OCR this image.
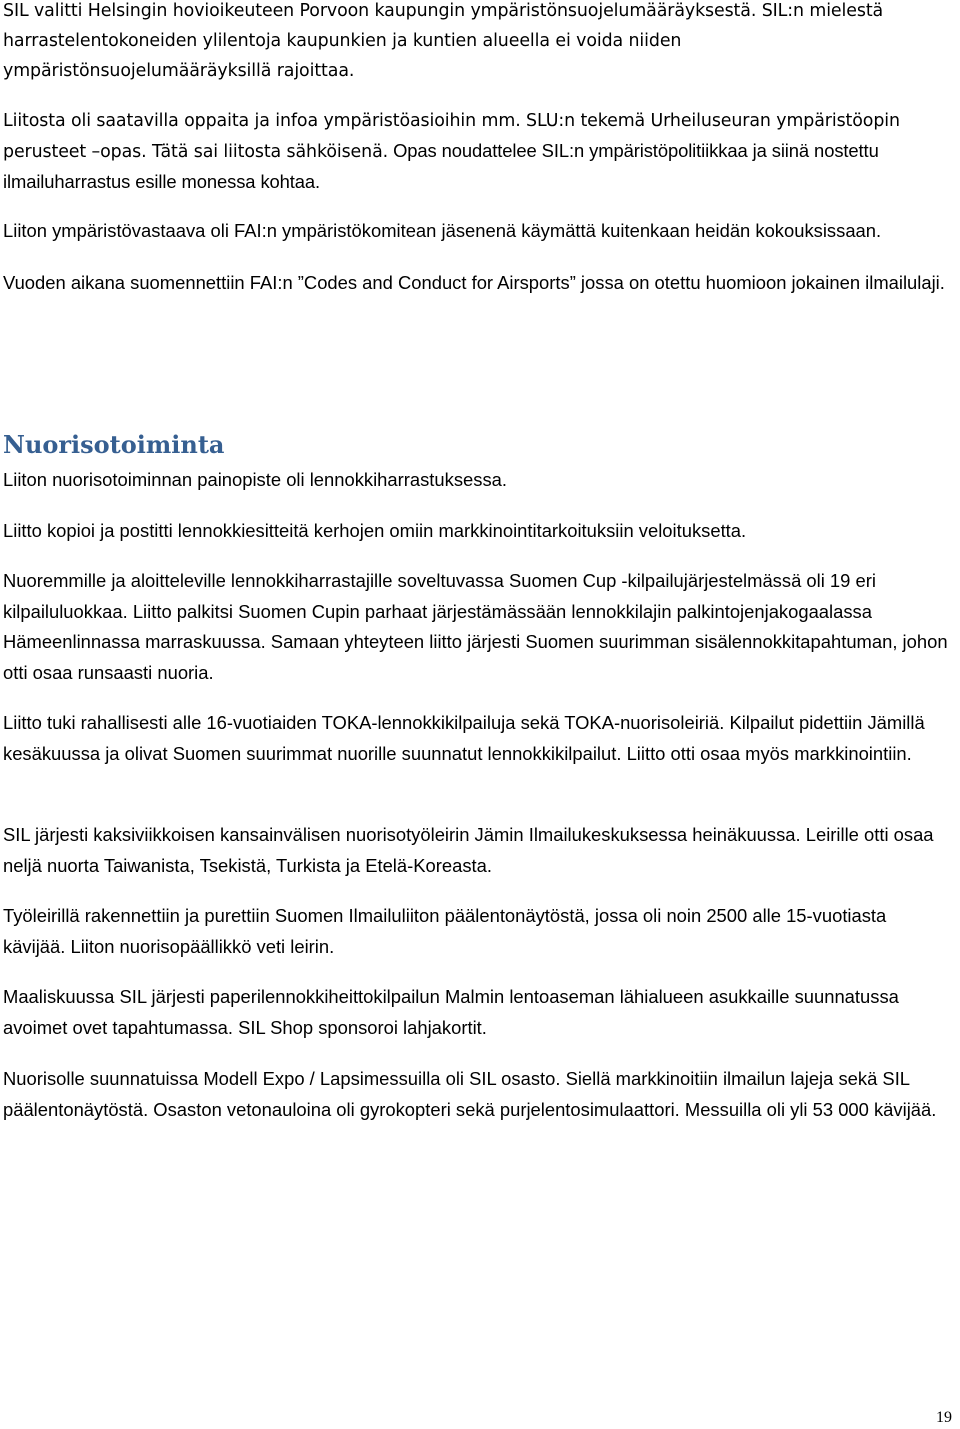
SIL valitti Helsingin hovioikeuteen Porvoon kaupungin ympäristönsuojelumääräyksestä. SIL:n mielestä harrastelentokoneiden ylilentoja kaupunkien ja kuntien alueella ei voida niiden ympäristönsuojelumääräyksillä rajoittaa.

Liitosta oli saatavilla oppaita ja infoa ympäristöasioihin mm. SLU:n tekemä Urheiluseuran ympäristöopin perusteet –opas. Tätä sai liitosta sähköisenä. Opas noudattelee SIL:n ympäristöpolitiikkaa ja siinä nostettu ilmailuharrastus esille monessa kohtaa.

Liiton ympäristövastaava oli FAI:n ympäristökomitean jäsenenä käymättä kuitenkaan heidän kokouksissaan.

Vuoden aikana suomennettiin FAI:n ”Codes and Conduct for Airsports” jossa on otettu huomioon jokainen ilmailulaji.

Nuorisotoiminta

Liiton nuorisotoiminnan painopiste oli lennokkiharrastuksessa.

Liitto kopioi ja postitti lennokkiesitteitä kerhojen omiin markkinointitarkoituksiin veloituksetta.

Nuoremmille ja aloitteleville lennokkiharrastajille soveltuvassa Suomen Cup -kilpailujärjestelmässä oli 19 eri kilpailuluokkaa. Liitto palkitsi Suomen Cupin parhaat järjestämässään lennokkilajin palkintojenjakogaalassa Hämeenlinnassa marraskuussa. Samaan yhteyteen liitto järjesti Suomen suurimman sisälennokkitapahtuman, johon otti osaa runsaasti nuoria.

Liitto tuki rahallisesti alle 16-vuotiaiden TOKA-lennokkikilpailuja sekä TOKA-nuorisoleiriä. Kilpailut pidettiin Jämillä kesäkuussa ja olivat Suomen suurimmat nuorille suunnatut lennokkikilpailut. Liitto otti osaa myös markkinointiin.

SIL järjesti kaksiviikkoisen kansainvälisen nuorisotyöleirin Jämin Ilmailukeskuksessa heinäkuussa. Leirille otti osaa neljä nuorta Taiwanista, Tsekistä, Turkista ja Etelä-Koreasta.

Työleirillä rakennettiin ja purettiin Suomen Ilmailuliiton päälentonäytöstä, jossa oli noin 2500 alle 15-vuotiasta kävijää. Liiton nuorisopäällikkö veti leirin.

Maaliskuussa SIL järjesti paperilennokkiheittokilpailun Malmin lentoaseman lähialueen asukkaille suunnatussa avoimet ovet tapahtumassa. SIL Shop sponsoroi lahjakortit.

Nuorisolle suunnatuissa Modell Expo / Lapsimessuilla oli SIL osasto. Siellä markkinoitiin ilmailun lajeja sekä SIL päälentonäytöstä. Osaston vetonauloina oli gyrokopteri sekä purjelentosimulaattori. Messuilla oli yli 53 000 kävijää.

19
